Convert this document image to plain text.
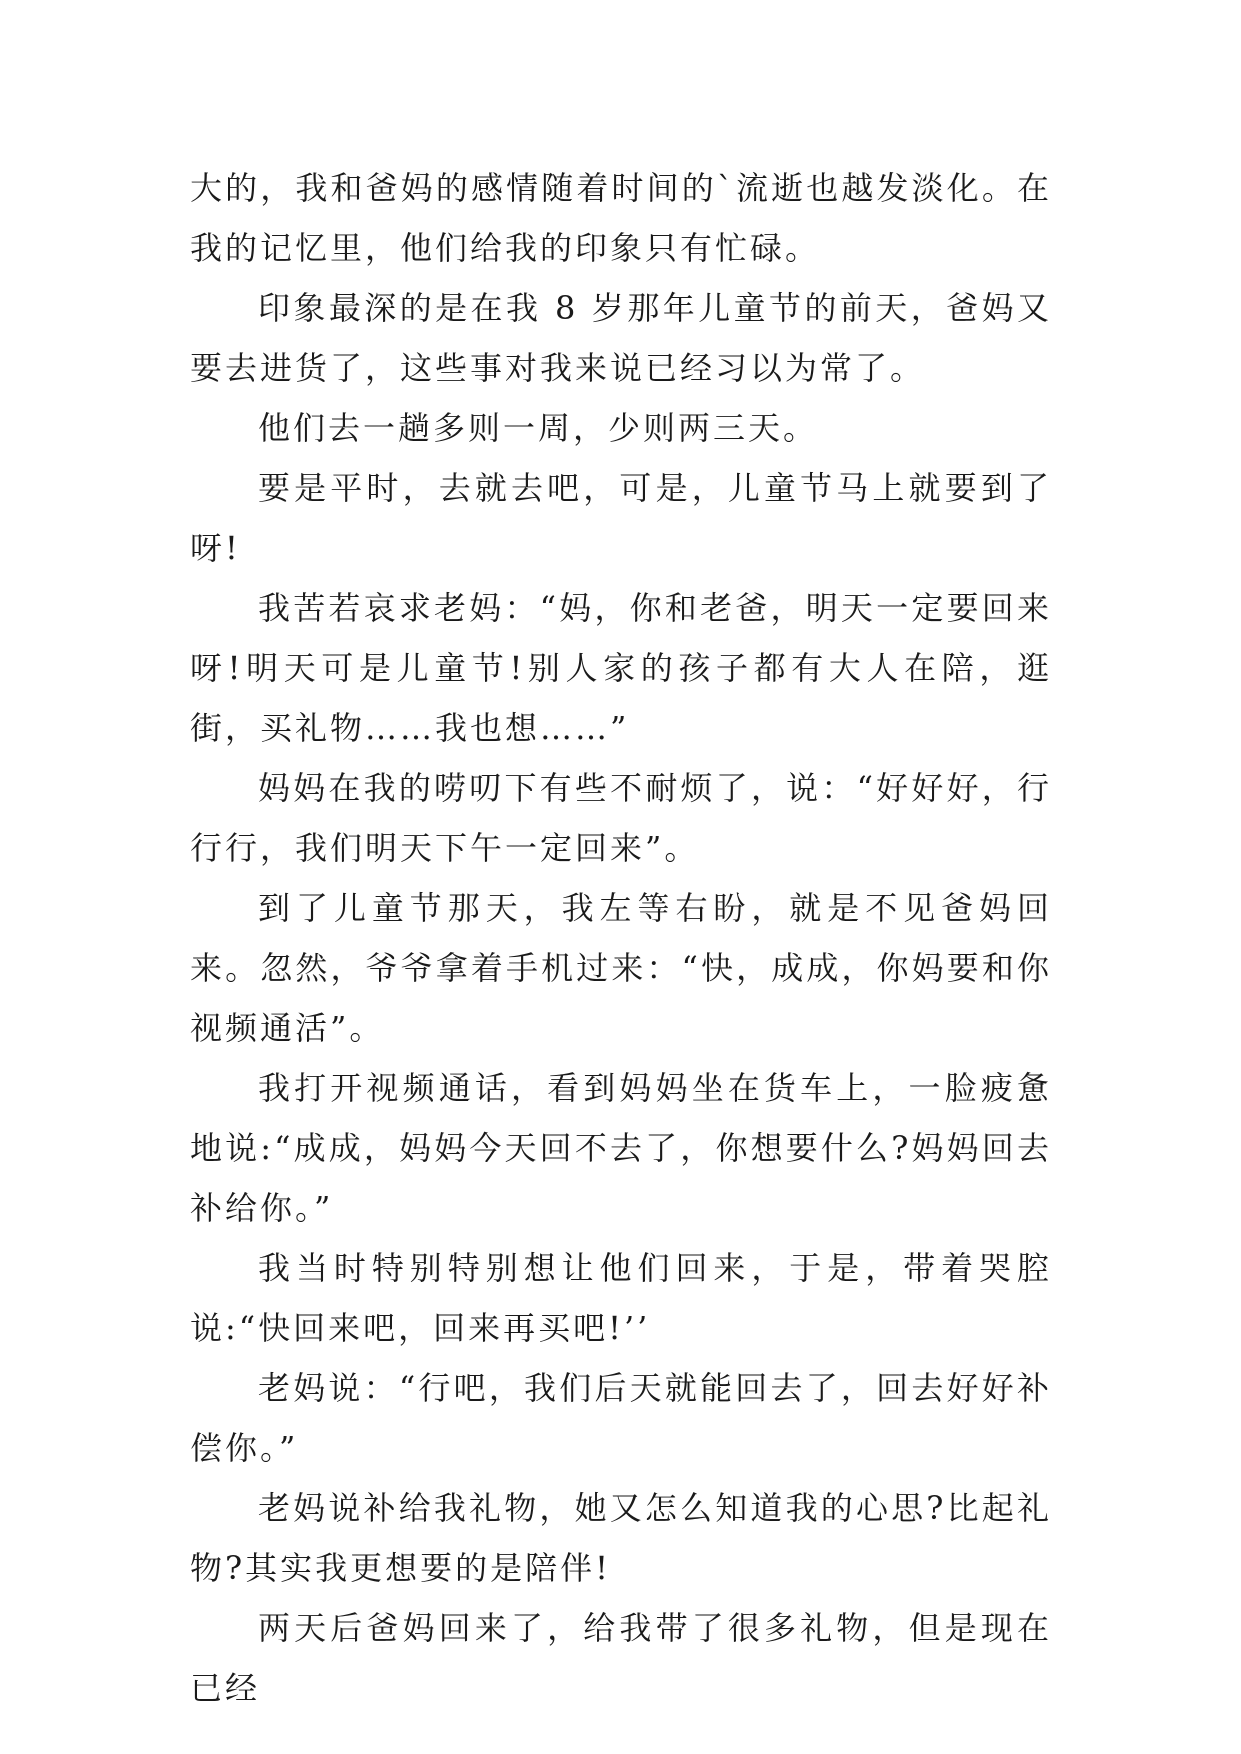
大的，我和爸妈的感情随着时间的`流逝也越发淡化。在我的记忆里，他们给我的印象只有忙碌。

印象最深的是在我 8 岁那年儿童节的前天，爸妈又要去进货了，这些事对我来说已经习以为常了。

他们去一趟多则一周，少则两三天。

要是平时，去就去吧，可是，儿童节马上就要到了呀!

我苦若哀求老妈：“妈，你和老爸，明天一定要回来呀!明天可是儿童节!别人家的孩子都有大人在陪，逛街，买礼物……我也想……”

妈妈在我的唠叨下有些不耐烦了，说：“好好好，行行行，我们明天下午一定回来”。

到了儿童节那天，我左等右盼，就是不见爸妈回来。忽然，爷爷拿着手机过来：“快，成成，你妈要和你视频通活”。

我打开视频通话，看到妈妈坐在货车上，一脸疲惫地说:“成成，妈妈今天回不去了，你想要什么?妈妈回去补给你。”

我当时特别特别想让他们回来，于是，带着哭腔说:“快回来吧，回来再买吧!’’

老妈说：“行吧，我们后天就能回去了，回去好好补偿你。”

老妈说补给我礼物，她又怎么知道我的心思?比起礼物?其实我更想要的是陪伴!

两天后爸妈回来了，给我带了很多礼物，但是现在已经
